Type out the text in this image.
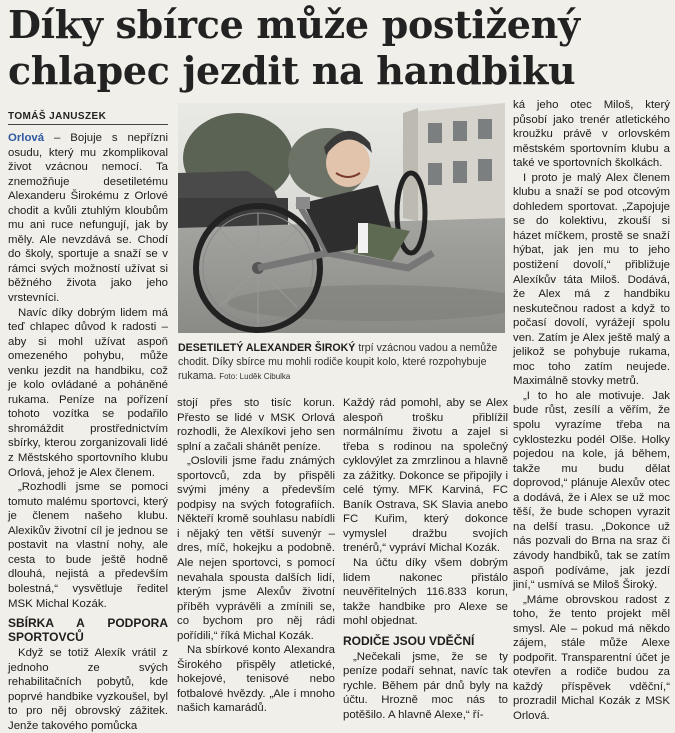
Díky sbírce může postižený chlapec jezdit na handbiku
TOMÁŠ JANUSZEK

Orlová – Bojuje s nepřízni osudu, který mu zkomplikoval život vzácnou nemocí. Ta znemožňuje desetiletému Alexanderu Širokému z Orlové chodit a kvůli ztuhlým kloubům mu ani ruce nefungují, jak by měly. Ale nevzdává se. Chodí do školy, sportuje a snaží se v rámci svých možností užívat si běžného života jako jeho vrstevníci.

Navíc díky dobrým lidem má teď chlapec důvod k radosti – aby si mohl užívat aspoň omezeného pohybu, může venku jezdit na handbiku, což je kolo ovládané a poháněné rukama. Peníze na pořízení tohoto vozítka se podařilo shromáždit prostřednictvím sbírky, kterou zorganizovali lidé z Městského sportovního klubu Orlová, jehož je Alex členem.

„Rozhodli jsme se pomoci tomuto malému sportovci, který je členem našeho klubu. Alexikův životní cíl je jednou se postavit na vlastní nohy, ale cesta to bude ještě hodně dlouhá, nejistá a především bolestná,“ vysvětluje ředitel MSK Michal Kozák.

SBÍRKA A PODPORA SPORTOVCŮ

Když se totiž Alexík vrátil z jednoho ze svých rehabilitačních pobytů, kde poprvé handbike vyzkoušel, byl to pro něj obrovský zážitek. Jenže takového pomůcka

DESETILETÝ ALEXANDER ŠIROKÝ trpí vzácnou vadou a nemůže chodit. Díky sbírce mu mohli rodiče koupit kolo, které rozpohybuje rukama. Foto: Luděk Cibulka

stojí přes sto tisíc korun. Přesto se lidé v MSK Orlová rozhodli, že Alexíkovi jeho sen splní a začali shánět peníze.

„Oslovili jsme řadu známých sportovců, zda by přispěli svými jmény a především podpisy na svých fotografiích. Někteří kromě souhlasu nabídli i nějaký ten větší suvenýr – dres, míč, hokejku a podobně. Ale nejen sportovci, s pomocí nevahala spousta dalších lidí, kterým jsme Alexův životní příběh vyprávěli a zmínili se, co bychom pro něj rádi pořídili,“ říká Michal Kozák.

Na sbírkové konto Alexandra Širokého přispěly atletické, hokejové, tenisové nebo fotbalové hvězdy. „Ale i mnoho našich kamarádů.

Každý rád pomohl, aby se Alex alespoň trošku přiblížil normálnímu životu a zajel si třeba s rodinou na společný cyklovýlet za zmrzlinou a hlavně za zážitky. Dokonce se připojily i celé týmy. MFK Karviná, FC Baník Ostrava, SK Slavia anebo FC Kuřim, který dokonce vymyslel dražbu svojích trenérů,“ vypráví Michal Kozák.

Na účtu díky všem dobrým lidem nakonec přistálo neuvěřitelných 116.833 korun, takže handbike pro Alexe se mohl objednat.

RODIČE JSOU VDĚČNÍ

„Nečekali jsme, že se ty peníze podaří sehnat, navíc tak rychle. Během pár dnů byly na účtu. Hrozně moc nás to potěšilo. A hlavně Alexe,“ ří-

ká jeho otec Miloš, který působí jako trenér atletického kroužku právě v orlovském městském sportovním klubu a také ve sportovních školkách.

I proto je malý Alex členem klubu a snaží se pod otcovým dohledem sportovat. „Zapojuje se do kolektivu, zkouší si házet míčkem, prostě se snaží hýbat, jak jen mu to jeho postižení dovolí,“ přibližuje Alexíkův táta Miloš. Dodává, že Alex má z handbiku neskutečnou radost a když to počasí dovolí, vyrážejí spolu ven. Zatím je Alex ještě malý a jelikož se pohybuje rukama, moc toho zatím neujede. Maximálně stovky metrů.

„I to ho ale motivuje. Jak bude růst, zesílí a věřím, že spolu vyrazíme třeba na cyklostezku podél Olše. Holky pojedou na kole, já během, takže mu budu dělat doprovod,“ plánuje Alexův otec a dodává, že i Alex se už moc těší, že bude schopen vyrazit na delší trasu. „Dokonce už nás pozvali do Brna na sraz či závody handbiků, tak se zatím aspoň podíváme, jak jezdí jiní,“ usmívá se Miloš Široký.

„Máme obrovskou radost z toho, že tento projekt měl smysl. Ale – pokud má někdo zájem, stále může Alexe podpořit. Transparentní účet je otevřen a rodiče budou za každý příspěvek vděční,“ prozradil Michal Kozák z MSK Orlová.
